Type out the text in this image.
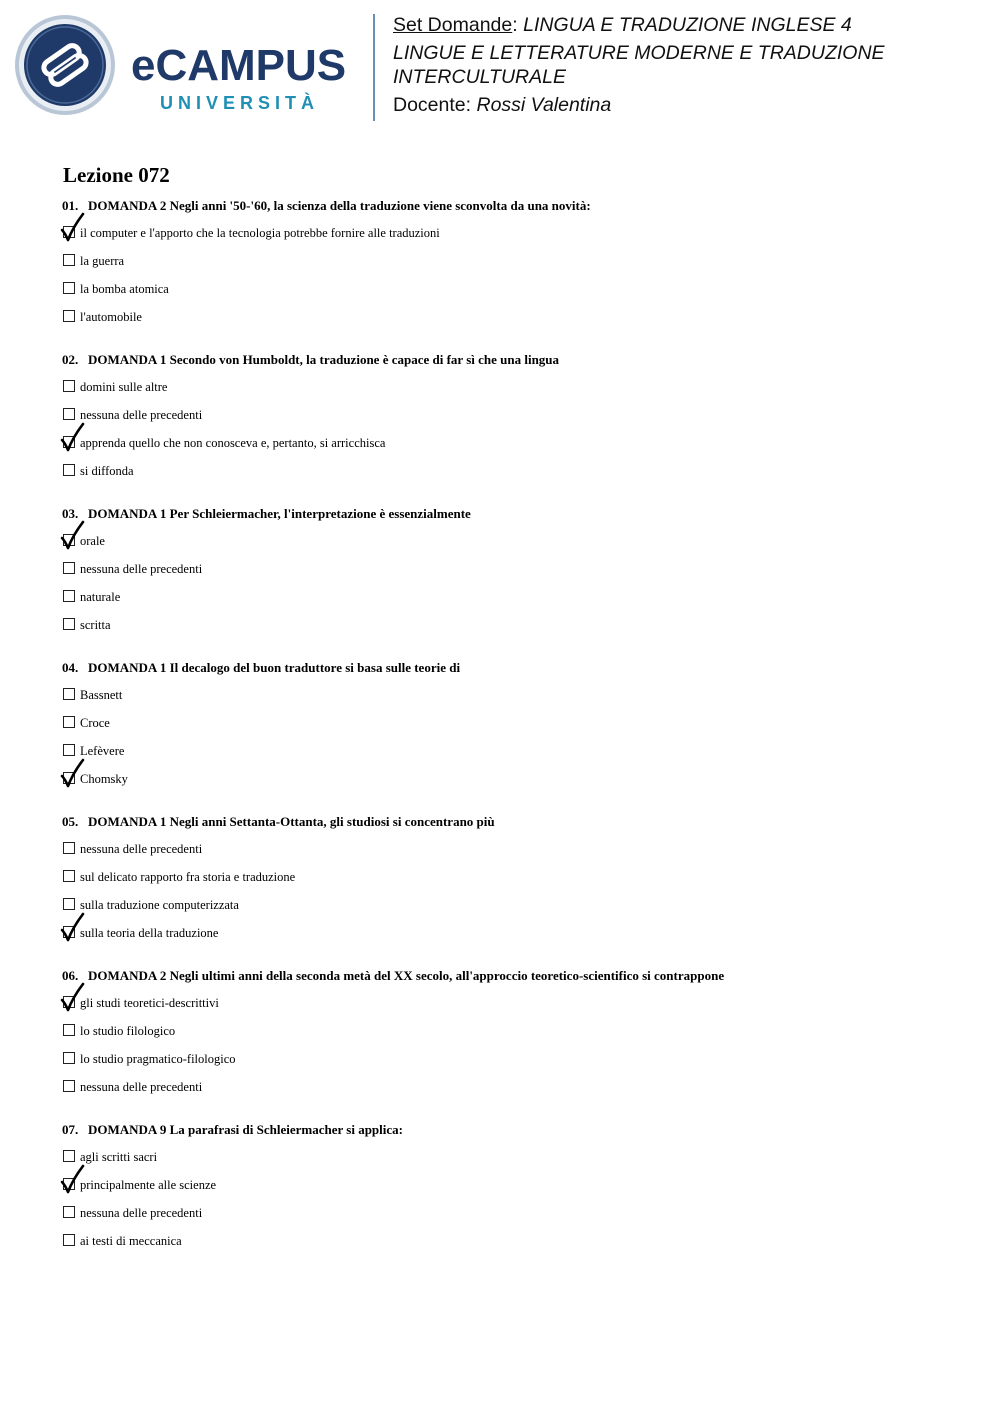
eCAMPUS
UNIVERSITÀ
Set Domande: LINGUA E TRADUZIONE INGLESE 4
LINGUE E LETTERATURE MODERNE E TRADUZIONE
INTERCULTURALE
Docente: Rossi Valentina
Lezione 072
01. DOMANDA 2 Negli anni '50-'60, la scienza della traduzione viene sconvolta da una novità:
il computer e l'apporto che la tecnologia potrebbe fornire alle traduzioni
la guerra
la bomba atomica
l'automobile
02. DOMANDA 1 Secondo von Humboldt, la traduzione è capace di far sì che una lingua
domini sulle altre
nessuna delle precedenti
apprenda quello che non conosceva e, pertanto, si arricchisca
si diffonda
03. DOMANDA 1 Per Schleiermacher, l'interpretazione è essenzialmente
orale
nessuna delle precedenti
naturale
scritta
04. DOMANDA 1 Il decalogo del buon traduttore si basa sulle teorie di
Bassnett
Croce
Lefèvere
Chomsky
05. DOMANDA 1 Negli anni Settanta-Ottanta, gli studiosi si concentrano più
nessuna delle precedenti
sul delicato rapporto fra storia e traduzione
sulla traduzione computerizzata
sulla teoria della traduzione
06. DOMANDA 2 Negli ultimi anni della seconda metà del XX secolo, all'approccio teoretico-scientifico si contrappone
gli studi teoretici-descrittivi
lo studio filologico
lo studio pragmatico-filologico
nessuna delle precedenti
07. DOMANDA 9 La parafrasi di Schleiermacher si applica:
agli scritti sacri
principalmente alle scienze
nessuna delle precedenti
ai testi di meccanica
